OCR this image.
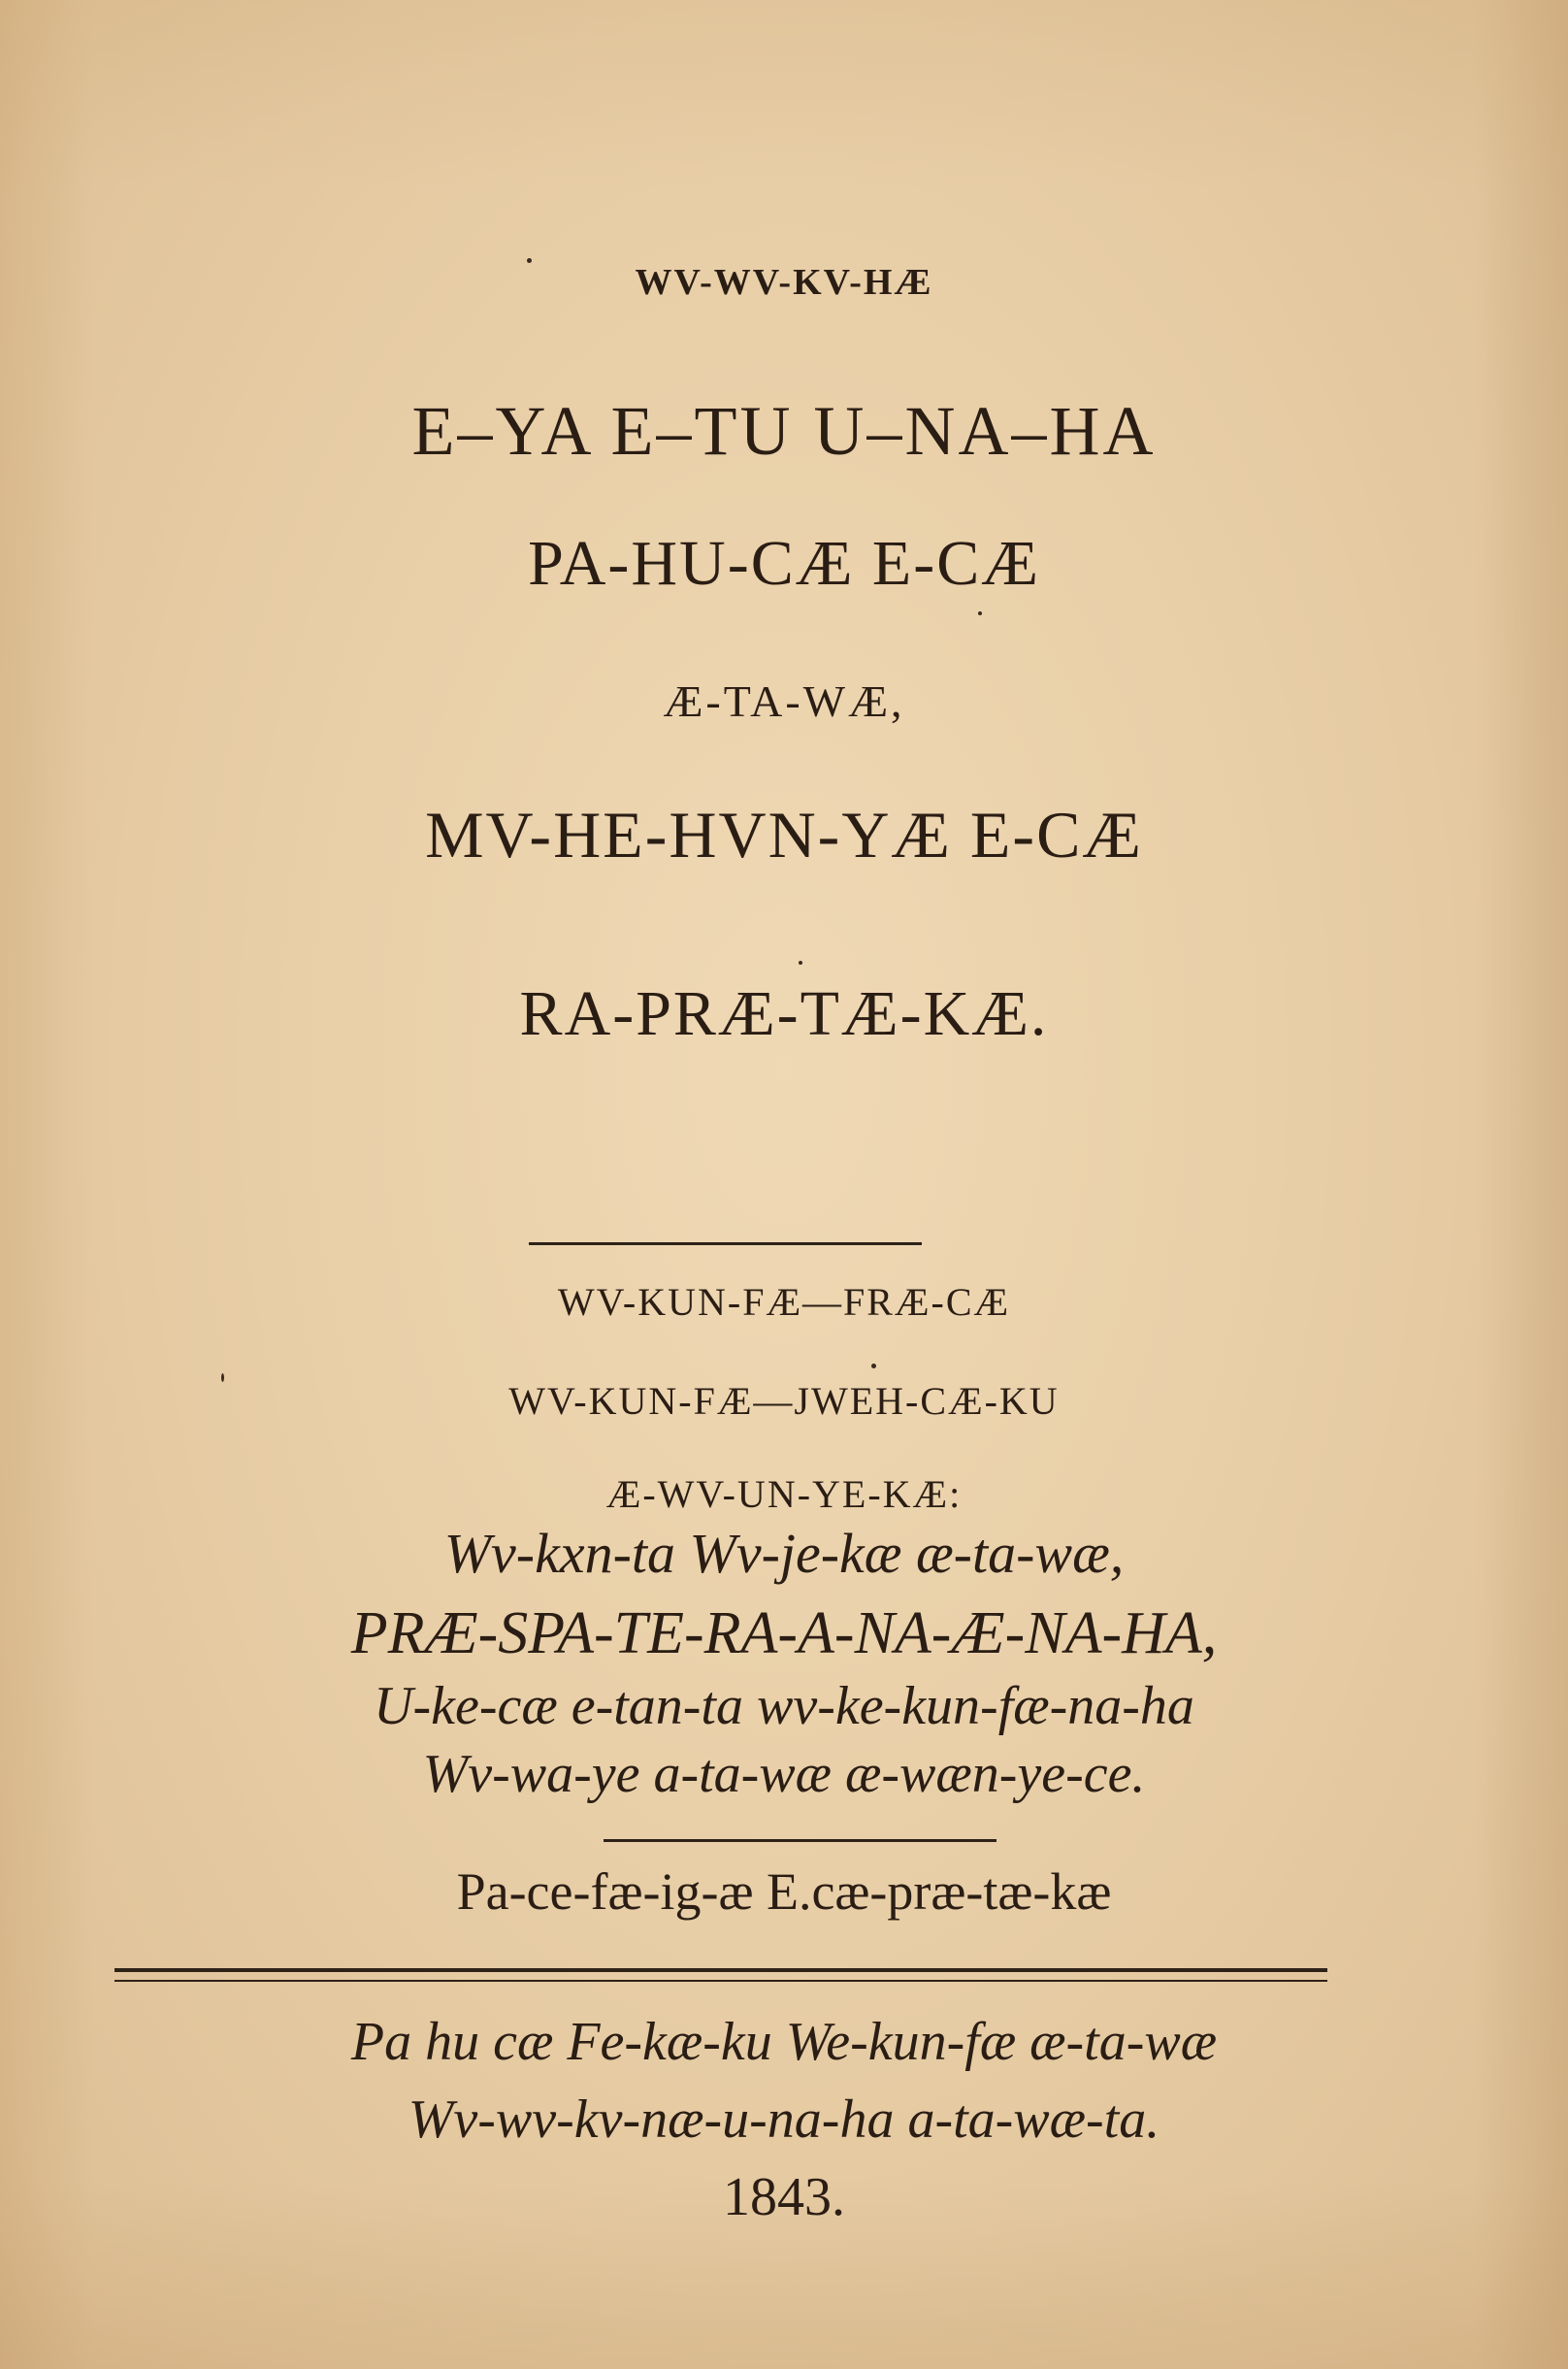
WV-WV-KV-HÆ
E–YA E–TU U–NA–HA
PA-HU-CÆ E-CÆ
Æ-TA-WÆ,
MV-HE-HVN-YÆ E-CÆ
RA-PRÆ-TÆ-KÆ.
WV-KUN-FÆ—FRÆ-CÆ
WV-KUN-FÆ—JWEH-CÆ-KU
Æ-WV-UN-YE-KÆ:
Wv-kxn-ta Wv-je-kæ æ-ta-wæ,
PRÆ-SPA-TE-RA-A-NA-Æ-NA-HA,
U-ke-cæ e-tan-ta wv-ke-kun-fæ-na-ha
Wv-wa-ye a-ta-wæ æ-wæn-ye-ce.
Pa-ce-fæ-ig-æ E.cæ-præ-tæ-kæ
Pa hu cæ Fe-kæ-ku We-kun-fæ æ-ta-wæ
Wv-wv-kv-næ-u-na-ha a-ta-wæ-ta.
1843.
